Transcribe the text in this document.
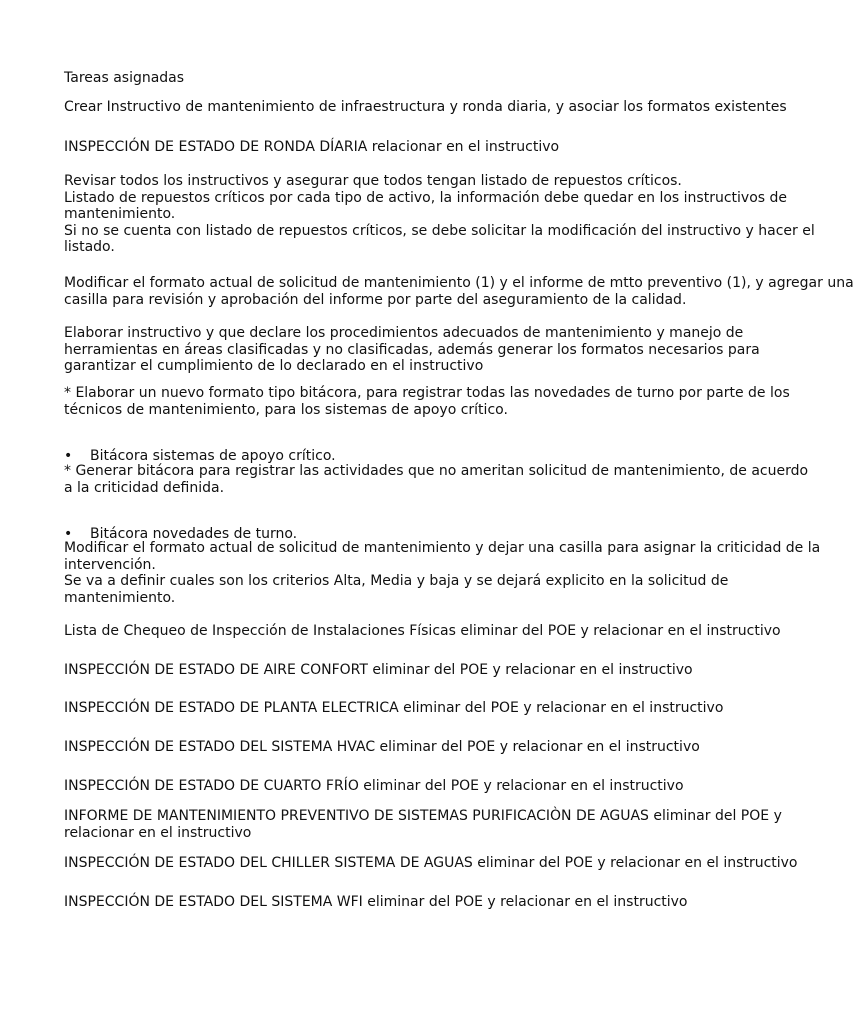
Tareas asignadas

Crear Instructivo de mantenimiento de infraestructura y ronda diaria, y asociar los formatos existentes

INSPECCIÓN DE ESTADO DE RONDA DÍARIA relacionar en el instructivo

Revisar todos los instructivos y asegurar que todos tengan listado de repuestos críticos.
Listado de repuestos críticos por cada tipo de activo, la información debe quedar en los instructivos de
mantenimiento.
Si no se cuenta con listado de repuestos críticos, se debe solicitar la modificación del instructivo y hacer el
listado.

Modificar el formato actual de solicitud de mantenimiento (1) y el informe de mtto preventivo (1), y agregar una
casilla para revisión y aprobación del informe por parte del aseguramiento de la calidad.

Elaborar instructivo y que declare los procedimientos adecuados de mantenimiento y manejo de
herramientas en áreas clasificadas y no clasificadas, además generar los formatos necesarios para
garantizar el cumplimiento de lo declarado en el instructivo

* Elaborar un nuevo formato tipo bitácora, para registrar todas las novedades de turno por parte de los
técnicos de mantenimiento, para los sistemas de apoyo crítico.

• Bitácora sistemas de apoyo crítico.

* Generar bitácora para registrar las actividades que no ameritan solicitud de mantenimiento, de acuerdo
a la criticidad definida.

• Bitácora novedades de turno.

Modificar el formato actual de solicitud de mantenimiento y dejar una casilla para asignar la criticidad de la
intervención.
Se va a definir cuales son los criterios Alta, Media y baja y se dejará explicito en la solicitud de
mantenimiento.

Lista de Chequeo de Inspección de Instalaciones Físicas eliminar del POE y relacionar en el instructivo

INSPECCIÓN DE ESTADO DE AIRE CONFORT eliminar del POE y relacionar en el instructivo

INSPECCIÓN DE ESTADO DE PLANTA ELECTRICA eliminar del POE y relacionar en el instructivo

INSPECCIÓN DE ESTADO DEL SISTEMA HVAC eliminar del POE y relacionar en el instructivo

INSPECCIÓN DE ESTADO DE CUARTO FRÍO eliminar del POE y relacionar en el instructivo

INFORME DE MANTENIMIENTO PREVENTIVO DE SISTEMAS PURIFICACIÒN DE AGUAS eliminar del POE y
relacionar en el instructivo

INSPECCIÓN DE ESTADO DEL CHILLER SISTEMA DE AGUAS eliminar del POE y relacionar en el instructivo

INSPECCIÓN DE ESTADO DEL SISTEMA WFI eliminar del POE y relacionar en el instructivo
